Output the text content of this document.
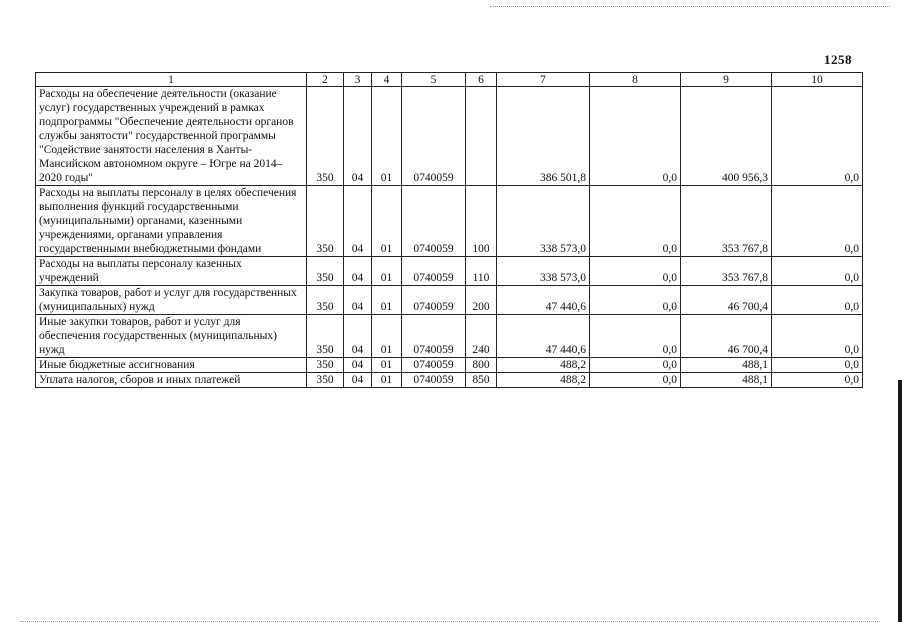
1258
1	2	3	4	5	6	7	8	9	10
Расходы на обеспечение деятельности (оказание услуг) государственных учреждений в рамках подпрограммы "Обеспечение деятельности органов службы занятости" государственной программы "Содействие занятости населения в Ханты-Мансийском автономном округе – Югре на 2014–2020 годы"	350	04	01	0740059		386 501,8	0,0	400 956,3	0,0
Расходы на выплаты персоналу в целях обеспечения выполнения функций государственными (муниципальными) органами, казенными учреждениями, органами управления государственными внебюджетными фондами	350	04	01	0740059	100	338 573,0	0,0	353 767,8	0,0
Расходы на выплаты персоналу казенных учреждений	350	04	01	0740059	110	338 573,0	0,0	353 767,8	0,0
Закупка товаров, работ и услуг для государственных (муниципальных) нужд	350	04	01	0740059	200	47 440,6	0,0	46 700,4	0,0
Иные закупки товаров, работ и услуг для обеспечения государственных (муниципальных) нужд	350	04	01	0740059	240	47 440,6	0,0	46 700,4	0,0
Иные бюджетные ассигнования	350	04	01	0740059	800	488,2	0,0	488,1	0,0
Уплата налогов, сборов и иных платежей	350	04	01	0740059	850	488,2	0,0	488,1	0,0
